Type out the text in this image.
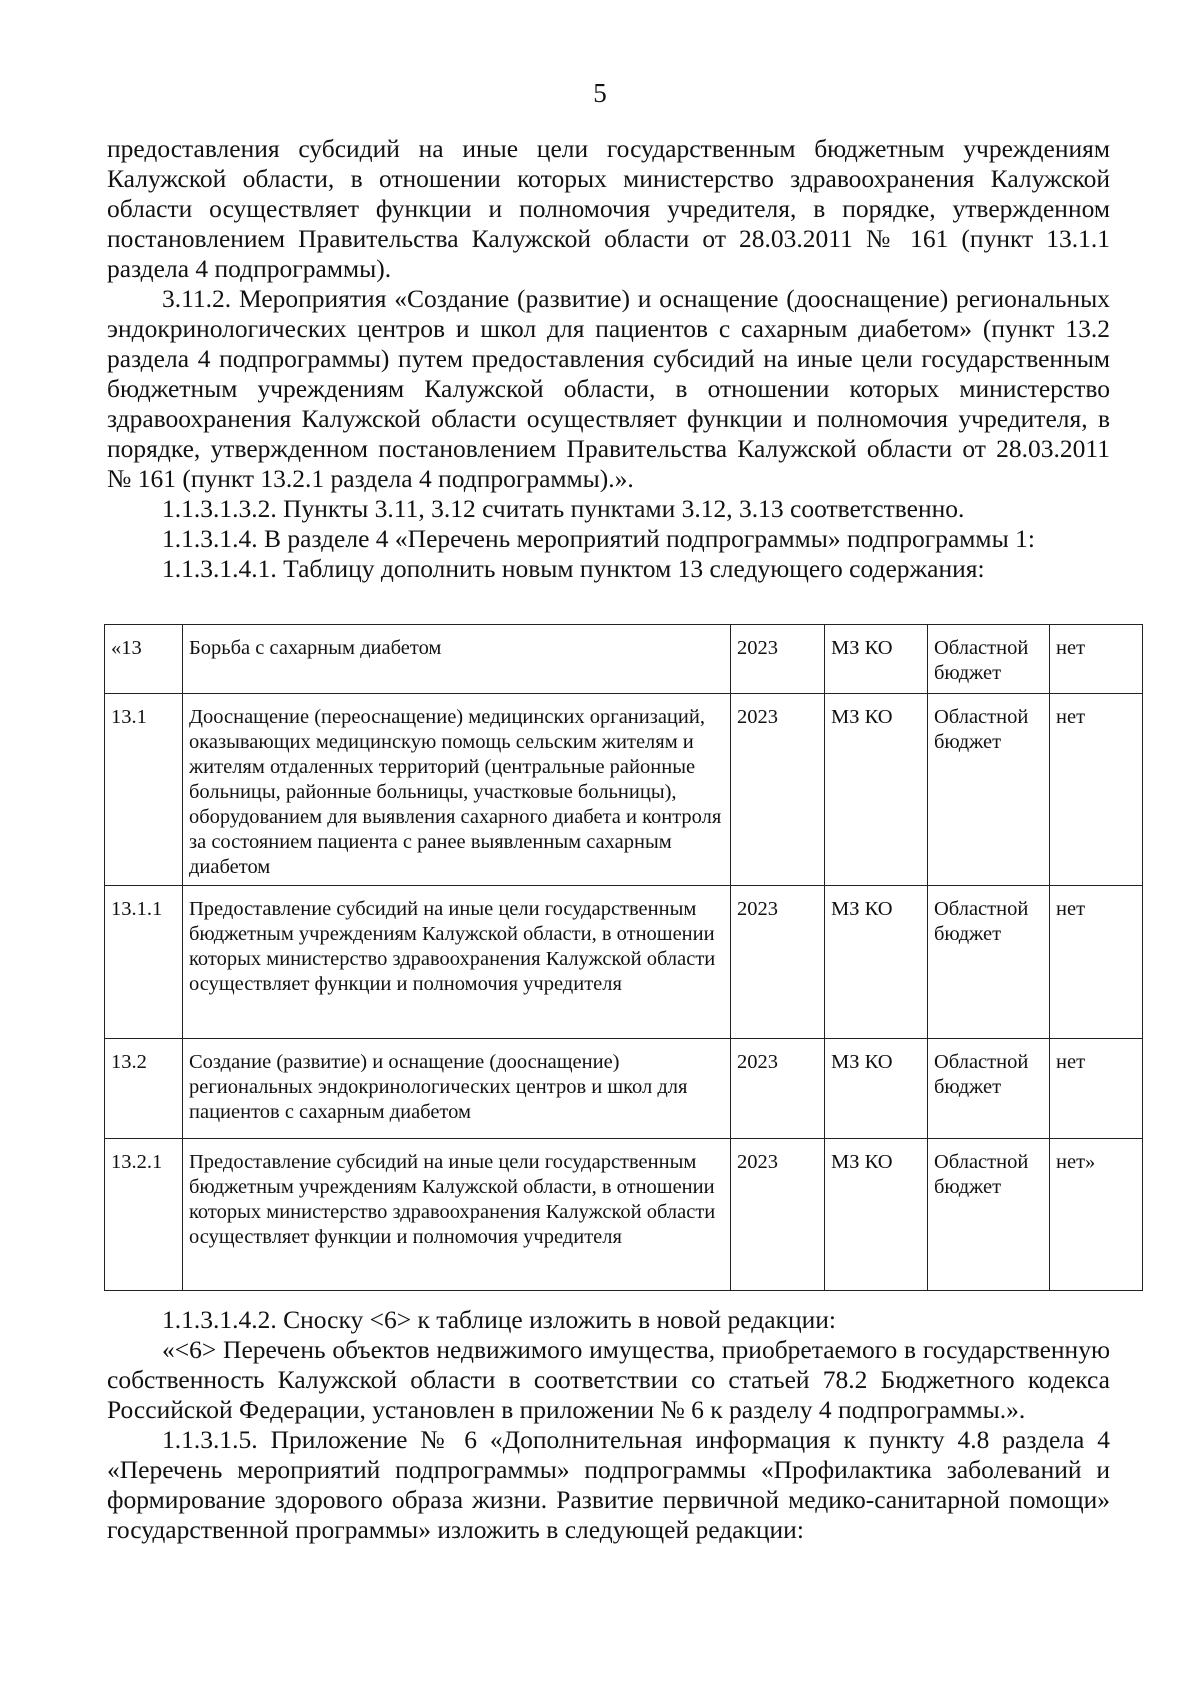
5

предоставления субсидий на иные цели государственным бюджетным учреждениям Калужской области, в отношении которых министерство здравоохранения Калужской области осуществляет функции и полномочия учредителя, в порядке, утвержденном постановлением Правительства Калужской области от 28.03.2011 № 161 (пункт 13.1.1 раздела 4 подпрограммы).

3.11.2. Мероприятия «Создание (развитие) и оснащение (дооснащение) региональных эндокринологических центров и школ для пациентов с сахарным диабетом» (пункт 13.2 раздела 4 подпрограммы) путем предоставления субсидий на иные цели государственным бюджетным учреждениям Калужской области, в отношении которых министерство здравоохранения Калужской области осуществляет функции и полномочия учредителя, в порядке, утвержденном постановлением Правительства Калужской области от 28.03.2011 № 161 (пункт 13.2.1 раздела 4 подпрограммы).».

1.1.3.1.3.2. Пункты 3.11, 3.12 считать пунктами 3.12, 3.13 соответственно.

1.1.3.1.4. В разделе 4 «Перечень мероприятий подпрограммы» подпрограммы 1:

1.1.3.1.4.1. Таблицу дополнить новым пунктом 13 следующего содержания:

«13	Борьба с сахарным диабетом	2023	МЗ КО	Областной бюджет	нет
13.1	Дооснащение (переоснащение) медицинских организаций, оказывающих медицинскую помощь сельским жителям и жителям отдаленных территорий (центральные районные больницы, районные больницы, участковые больницы), оборудованием для выявления сахарного диабета и контроля за состоянием пациента с ранее выявленным сахарным диабетом	2023	МЗ КО	Областной бюджет	нет
13.1.1	Предоставление субсидий на иные цели государственным бюджетным учреждениям Калужской области, в отношении которых министерство здравоохранения Калужской области осуществляет функции и полномочия учредителя	2023	МЗ КО	Областной бюджет	нет
13.2	Создание (развитие) и оснащение (дооснащение) региональных эндокринологических центров и школ для пациентов с сахарным диабетом	2023	МЗ КО	Областной бюджет	нет
13.2.1	Предоставление субсидий на иные цели государственным бюджетным учреждениям Калужской области, в отношении которых министерство здравоохранения Калужской области осуществляет функции и полномочия учредителя	2023	МЗ КО	Областной бюджет	нет»

1.1.3.1.4.2. Сноску <6> к таблице изложить в новой редакции:

«<6> Перечень объектов недвижимого имущества, приобретаемого в государственную собственность Калужской области в соответствии со статьей 78.2 Бюджетного кодекса Российской Федерации, установлен в приложении № 6 к разделу 4 подпрограммы.».

1.1.3.1.5. Приложение № 6 «Дополнительная информация к пункту 4.8 раздела 4 «Перечень мероприятий подпрограммы» подпрограммы «Профилактика заболеваний и формирование здорового образа жизни. Развитие первичной медико-санитарной помощи» государственной программы» изложить в следующей редакции:
